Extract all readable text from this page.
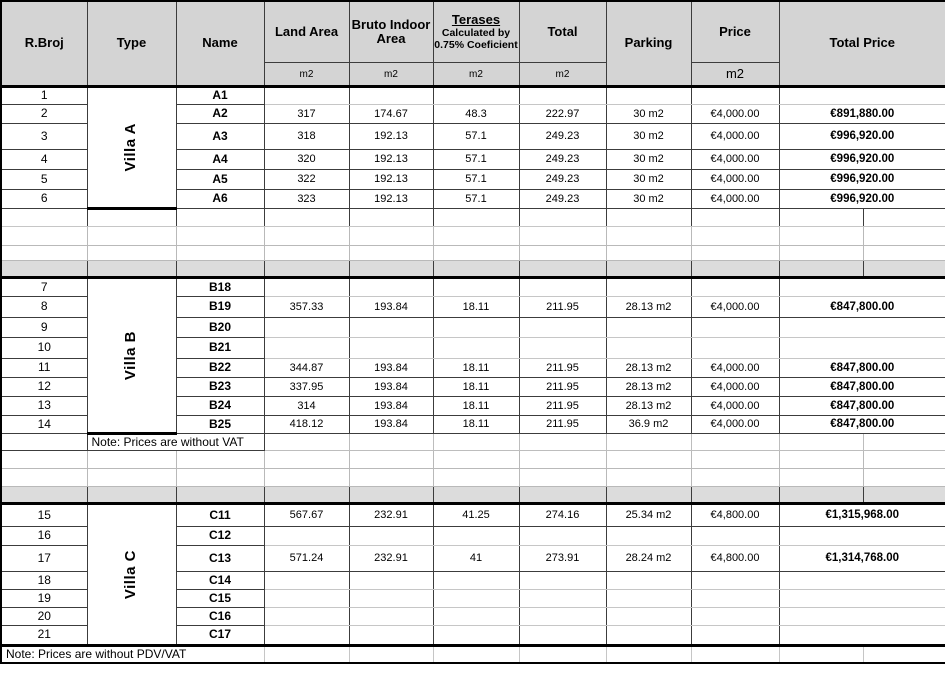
R.Broj	Type	Name	Land Area	Bruto Indoor Area	Terases
Calculated by 0.75% Coeficient	Total	Parking	Price	Total Price	
			m2	m2	m2	m2		m2		
1	Villa A	A1								
2		A2	317	174.67	48.3	222.97	30 m2	€4,000.00	€891,880.00	
3		A3	318	192.13	57.1	249.23	30 m2	€4,000.00	€996,920.00	
4		A4	320	192.13	57.1	249.23	30 m2	€4,000.00	€996,920.00	
5		A5	322	192.13	57.1	249.23	30 m2	€4,000.00	€996,920.00	
6		A6	323	192.13	57.1	249.23	30 m2	€4,000.00	€996,920.00	

7	Villa B	B18								
8		B19	357.33	193.84	18.11	211.95	28.13 m2	€4,000.00	€847,800.00	
9		B20								
10		B21								
11		B22	344.87	193.84	18.11	211.95	28.13 m2	€4,000.00	€847,800.00	
12		B23	337.95	193.84	18.11	211.95	28.13 m2	€4,000.00	€847,800.00	
13		B24	314	193.84	18.11	211.95	28.13 m2	€4,000.00	€847,800.00	
14		B25	418.12	193.84	18.11	211.95	36.9 m2	€4,000.00	€847,800.00	
	Note: Prices are without VAT									

15	Villa C	C11	567.67	232.91	41.25	274.16	25.34 m2	€4,800.00	€1,315,968.00	
16		C12								
17		C13	571.24	232.91	41	273.91	28.24 m2	€4,800.00	€1,314,768.00	
18		C14								
19		C15								
20		C16								
21		C17								
Note: Prices are without PDV/VAT										
